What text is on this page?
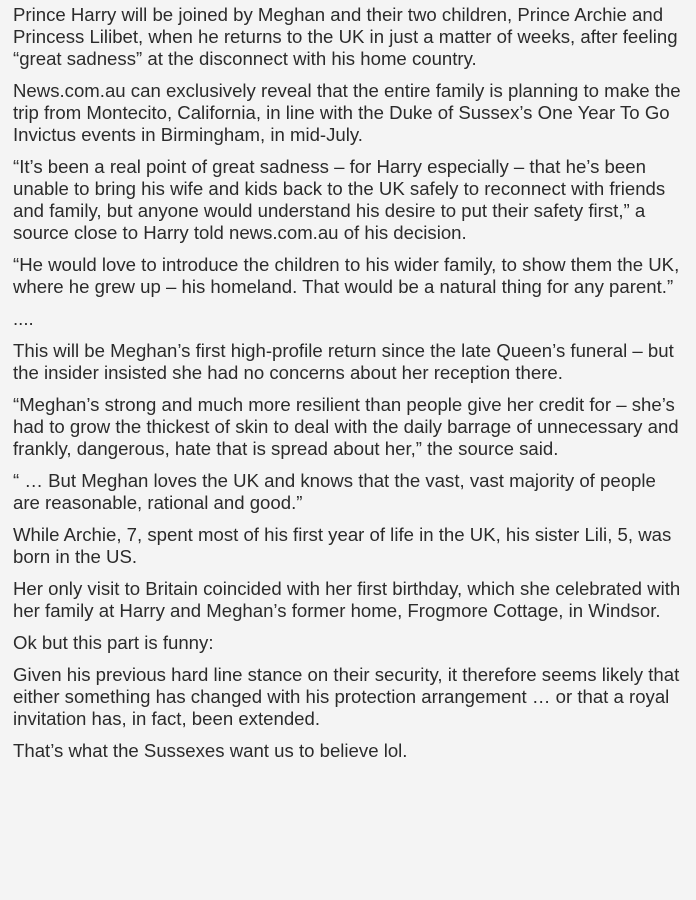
Prince Harry will be joined by Meghan and their two children, Prince Archie and Princess Lilibet, when he returns to the UK in just a matter of weeks, after feeling “great sadness” at the disconnect with his home country.

News.com.au can exclusively reveal that the entire family is planning to make the trip from Montecito, California, in line with the Duke of Sussex’s One Year To Go Invictus events in Birmingham, in mid-July.

“It’s been a real point of great sadness – for Harry especially – that he’s been unable to bring his wife and kids back to the UK safely to reconnect with friends and family, but anyone would understand his desire to put their safety first,” a source close to Harry told news.com.au of his decision.

“He would love to introduce the children to his wider family, to show them the UK, where he grew up – his homeland. That would be a natural thing for any parent.”

....

This will be Meghan’s first high-profile return since the late Queen’s funeral – but the insider insisted she had no concerns about her reception there.

“Meghan’s strong and much more resilient than people give her credit for – she’s had to grow the thickest of skin to deal with the daily barrage of unnecessary and frankly, dangerous, hate that is spread about her,” the source said.

“ … But Meghan loves the UK and knows that the vast, vast majority of people are reasonable, rational and good.”

While Archie, 7, spent most of his first year of life in the UK, his sister Lili, 5, was born in the US.

Her only visit to Britain coincided with her first birthday, which she celebrated with her family at Harry and Meghan’s former home, Frogmore Cottage, in Windsor.

Ok but this part is funny:

Given his previous hard line stance on their security, it therefore seems likely that either something has changed with his protection arrangement … or that a royal invitation has, in fact, been extended.

That’s what the Sussexes want us to believe lol.
